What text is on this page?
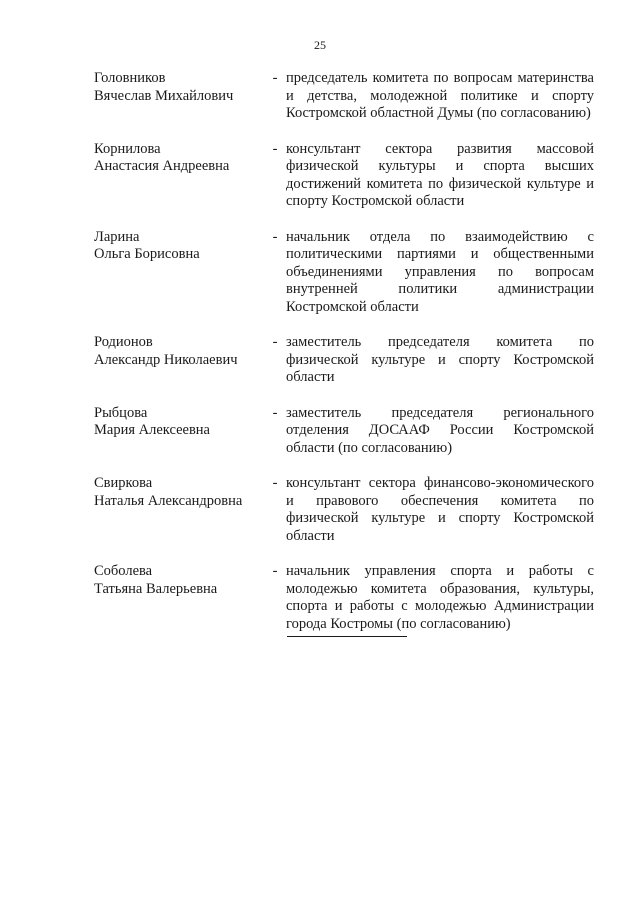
25
Головников
Вячеслав Михайлович
- председатель комитета по вопросам материнства и детства, молодежной политике и спорту Костромской областной Думы (по согласованию)
Корнилова
Анастасия Андреевна
- консультант сектора развития массовой физической культуры и спорта высших достижений комитета по физической культуре и спорту Костромской области
Ларина
Ольга Борисовна
- начальник отдела по взаимодействию с политическими партиями и общественными объединениями управления по вопросам внутренней политики администрации Костромской области
Родионов
Александр Николаевич
- заместитель председателя комитета по физической культуре и спорту Костромской области
Рыбцова
Мария Алексеевна
- заместитель председателя регионального отделения ДОСААФ России Костромской области (по согласованию)
Свиркова
Наталья Александровна
- консультант сектора финансово-экономического и правового обеспечения комитета по физической культуре и спорту Костромской области
Соболева
Татьяна Валерьевна
- начальник управления спорта и работы с молодежью комитета образования, культуры, спорта и работы с молодежью Администрации города Костромы (по согласованию)
